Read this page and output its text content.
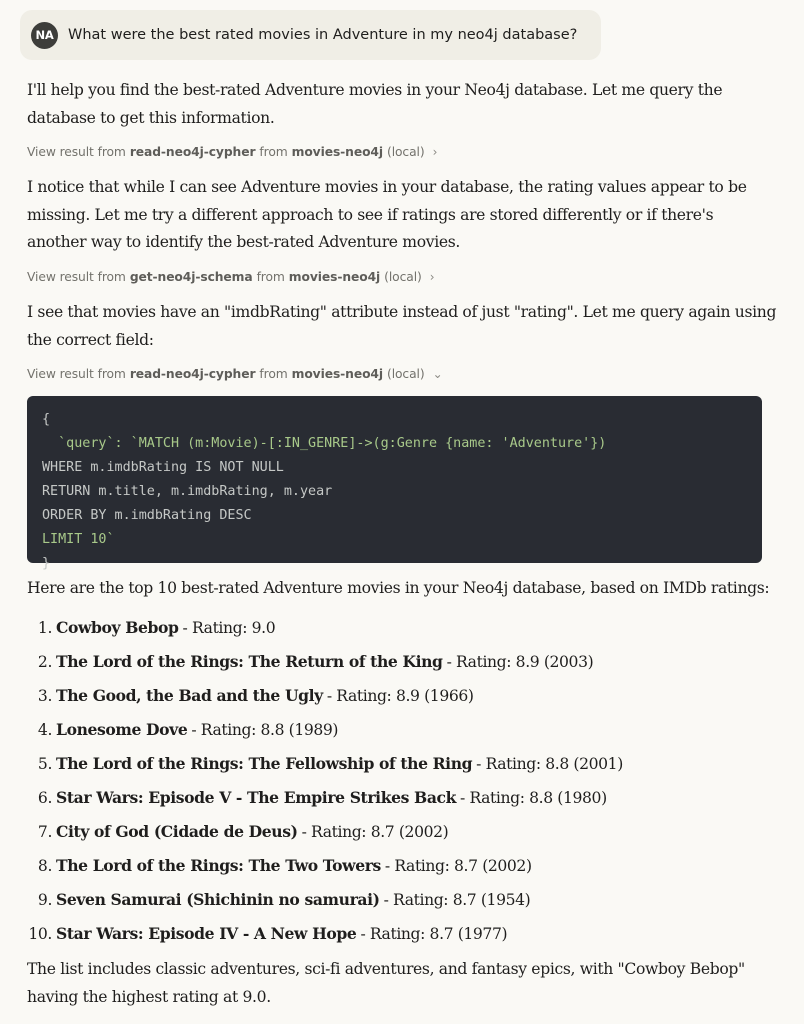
NA	What were the best rated movies in Adventure in my neo4j database?

I'll help you find the best-rated Adventure movies in your Neo4j database. Let me query the database to get this information.

View result from read-neo4j-cypher from movies-neo4j (local) ›

I notice that while I can see Adventure movies in your database, the rating values appear to be missing. Let me try a different approach to see if ratings are stored differently or if there's another way to identify the best-rated Adventure movies.

View result from get-neo4j-schema from movies-neo4j (local) ›

I see that movies have an "imdbRating" attribute instead of just "rating". Let me query again using the correct field:

View result from read-neo4j-cypher from movies-neo4j (local) ⌄
{
`query`: `MATCH (m:Movie)-[:IN_GENRE]->(g:Genre {name: 'Adventure'})
WHERE m.imdbRating IS NOT NULL
RETURN m.title, m.imdbRating, m.year
ORDER BY m.imdbRating DESC
LIMIT 10`
}

Here are the top 10 best-rated Adventure movies in your Neo4j database, based on IMDb ratings:

1. Cowboy Bebop - Rating: 9.0
2. The Lord of the Rings: The Return of the King - Rating: 8.9 (2003)
3. The Good, the Bad and the Ugly - Rating: 8.9 (1966)
4. Lonesome Dove - Rating: 8.8 (1989)
5. The Lord of the Rings: The Fellowship of the Ring - Rating: 8.8 (2001)
6. Star Wars: Episode V - The Empire Strikes Back - Rating: 8.8 (1980)
7. City of God (Cidade de Deus) - Rating: 8.7 (2002)
8. The Lord of the Rings: The Two Towers - Rating: 8.7 (2002)
9. Seven Samurai (Shichinin no samurai) - Rating: 8.7 (1954)
10. Star Wars: Episode IV - A New Hope - Rating: 8.7 (1977)

The list includes classic adventures, sci-fi adventures, and fantasy epics, with "Cowboy Bebop" having the highest rating at 9.0.
